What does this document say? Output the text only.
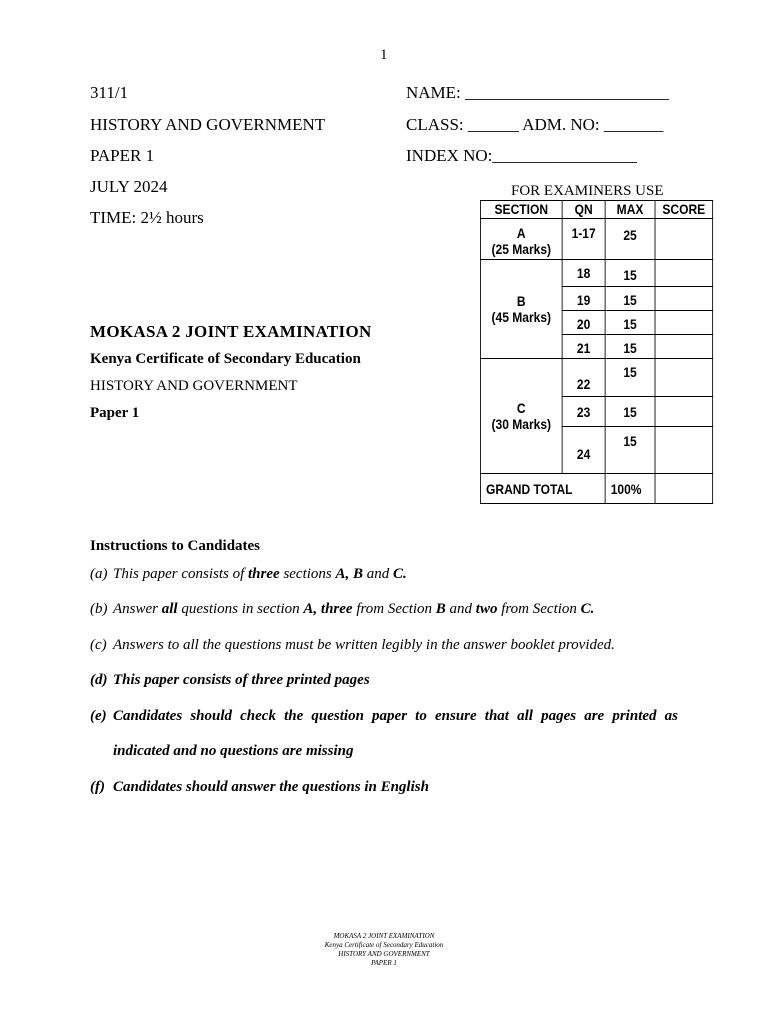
1
311/1
HISTORY AND GOVERNMENT
PAPER 1
JULY 2024
TIME: 2½ hours
NAME: ________________________
CLASS: ______ ADM. NO: _______
INDEX NO:_________________
MOKASA 2 JOINT EXAMINATION
Kenya Certificate of Secondary Education
HISTORY AND GOVERNMENT
Paper 1
FOR EXAMINERS USE
SECTION	QN	MAX	SCORE

A
(25 Marks)	1-17	25	

B
(45 Marks)	18	15	
	19	15	
	20	15	
	21	15	

C
(30 Marks)	22	15	
	23	15	
	24	15	
GRAND TOTAL		100%	
Instructions to Candidates
(a) This paper consists of three sections A, B and C.
(b) Answer all questions in section A, three from Section B and two from Section C.
(c) Answers to all the questions must be written legibly in the answer booklet provided.
(d) This paper consists of three printed pages
(e) Candidates should check the question paper to ensure that all pages are printed as
indicated and no questions are missing
(f) Candidates should answer the questions in English
MOKASA 2 JOINT EXAMINATION
Kenya Certificate of Secondary Education
HISTORY AND GOVERNMENT
PAPER 1
